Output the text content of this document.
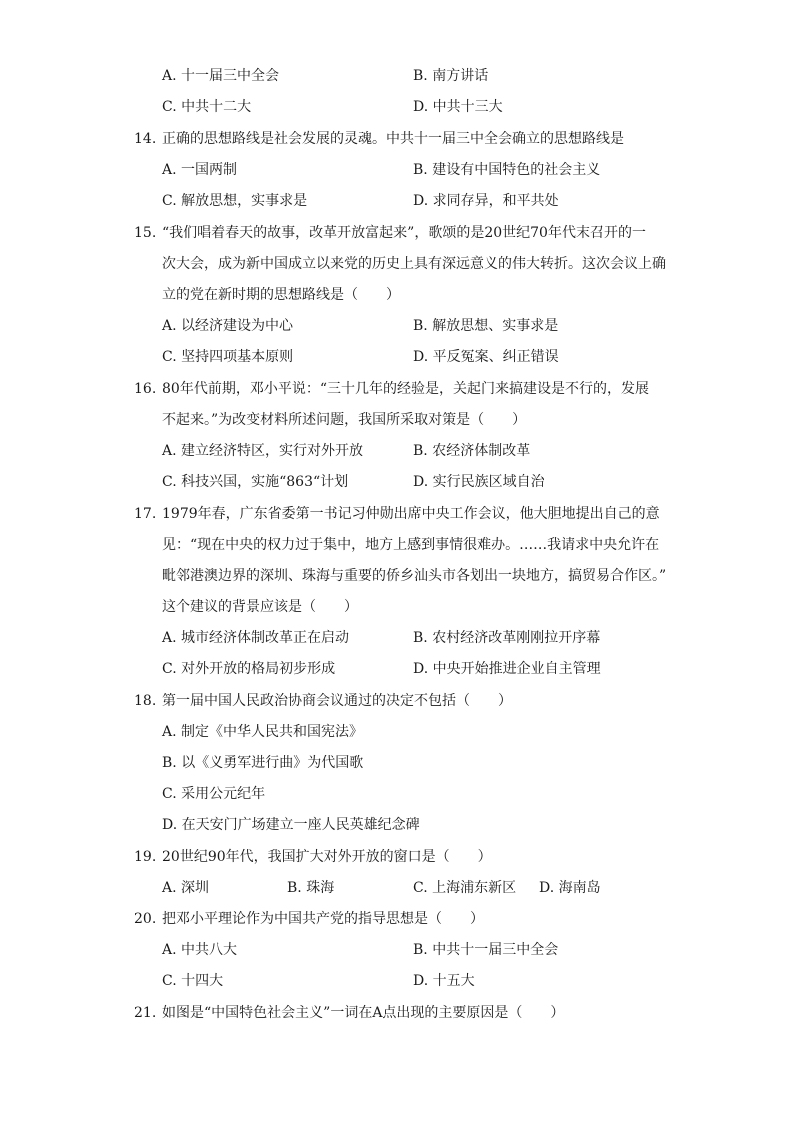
A. 十一届三中全会	B. 南方讲话
C. 中共十二大	D. 中共十三大
14. 正确的思想路线是社会发展的灵魂。中共十一届三中全会确立的思想路线是
A. 一国两制	B. 建设有中国特色的社会主义
C. 解放思想，实事求是	D. 求同存异，和平共处
15. “我们唱着春天的故事，改革开放富起来”，歌颂的是20世纪70年代末召开的一
次大会，成为新中国成立以来党的历史上具有深远意义的伟大转折。这次会议上确
立的党在新时期的思想路线是（　　）
A. 以经济建设为中心	B. 解放思想、实事求是
C. 坚持四项基本原则	D. 平反冤案、纠正错误
16. 80年代前期，邓小平说：“三十几年的经验是，关起门来搞建设是不行的，发展
不起来。”为改变材料所述问题，我国所采取对策是（　　）
A. 建立经济特区，实行对外开放	B. 农经济体制改革
C. 科技兴国，实施“863“计划	D. 实行民族区域自治
17. 1979年春，广东省委第一书记习仲勋出席中央工作会议，他大胆地提出自己的意
见：“现在中央的权力过于集中，地方上感到事情很难办。……我请求中央允许在
毗邻港澳边界的深圳、珠海与重要的侨乡汕头市各划出一块地方，搞贸易合作区。”
这个建议的背景应该是（　　）
A. 城市经济体制改革正在启动	B. 农村经济改革刚刚拉开序幕
C. 对外开放的格局初步形成	D. 中央开始推进企业自主管理
18. 第一届中国人民政治协商会议通过的决定不包括（　　）
A. 制定《中华人民共和国宪法》
B. 以《义勇军进行曲》为代国歌
C. 采用公元纪年
D. 在天安门广场建立一座人民英雄纪念碑
19. 20世纪90年代，我国扩大对外开放的窗口是（　　）
A. 深圳	B. 珠海	C. 上海浦东新区 D. 海南岛
20. 把邓小平理论作为中国共产党的指导思想是（　　）
A. 中共八大	B. 中共十一届三中全会
C. 十四大	D. 十五大
21. 如图是“中国特色社会主义”一词在A点出现的主要原因是（　　）
